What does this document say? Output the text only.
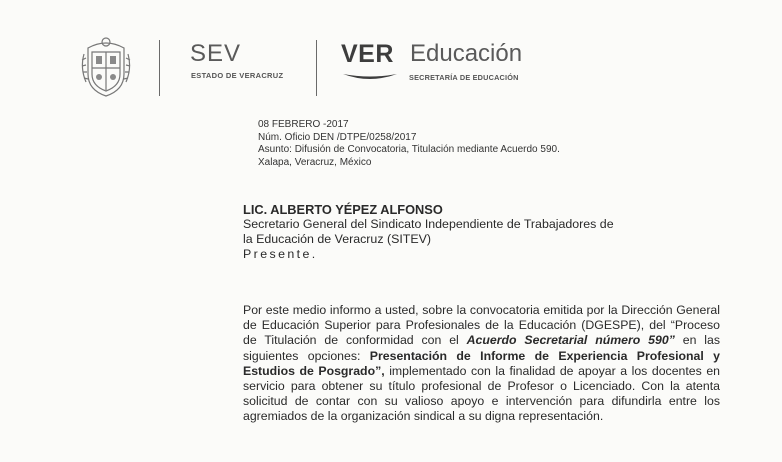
SEV
ESTADO DE VERACRUZ
VER Educación
SECRETARÍA DE EDUCACIÓN
08 FEBRERO -2017
Núm. Oficio DEN /DTPE/0258/2017
Asunto: Difusión de Convocatoria, Titulación mediante Acuerdo 590.
Xalapa, Veracruz, México
LIC. ALBERTO YÉPEZ ALFONSO
Secretario General del Sindicato Independiente de Trabajadores de
la Educación de Veracruz (SITEV)
Presente.
Por este medio informo a usted, sobre la convocatoria emitida por la Dirección General de Educación Superior para Profesionales de la Educación (DGESPE), del “Proceso de Titulación de conformidad con el Acuerdo Secretarial número 590” en las siguientes opciones: Presentación de Informe de Experiencia Profesional y Estudios de Posgrado”, implementado con la finalidad de apoyar a los docentes en servicio para obtener su título profesional de Profesor o Licenciado. Con la atenta solicitud de contar con su valioso apoyo e intervención para difundirla entre los agremiados de la organización sindical a su digna representación.
